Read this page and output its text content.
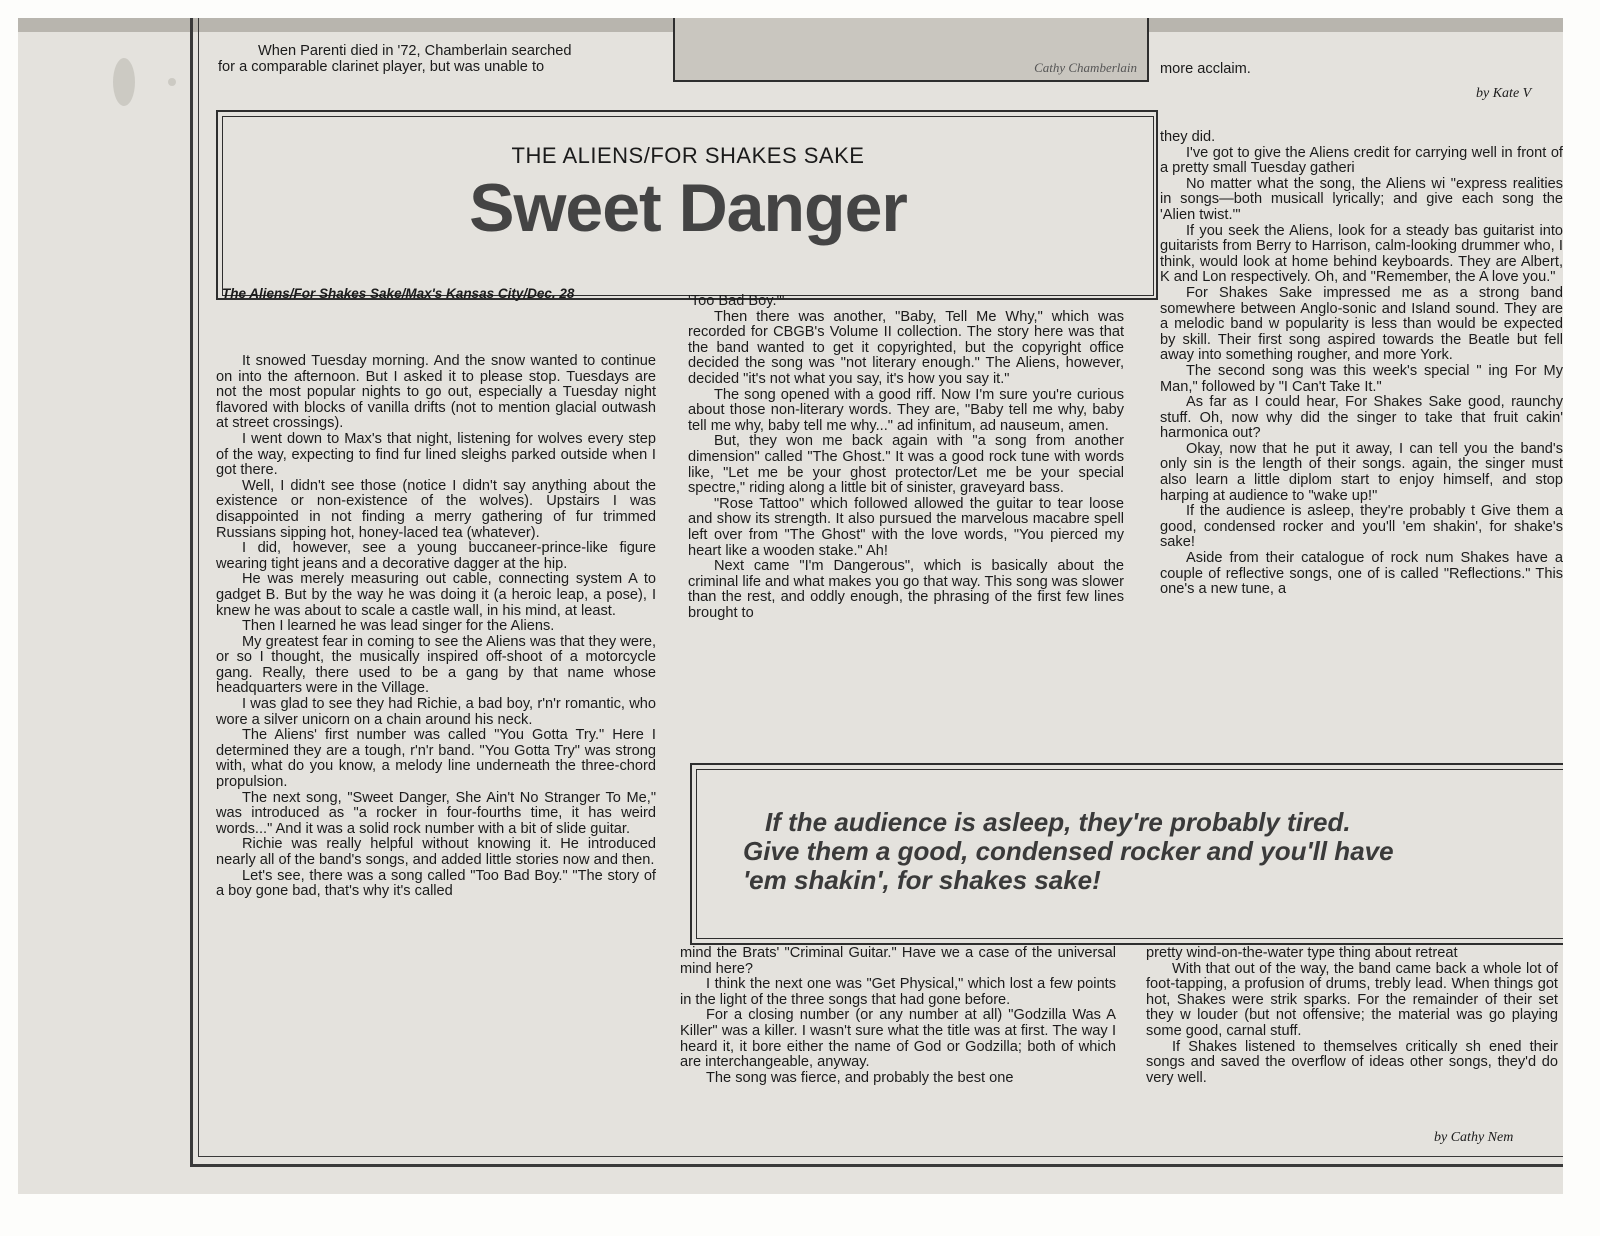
When Parenti died in '72, Chamberlain searched

for a comparable clarinet player, but was unable to	Cathy Chamberlain more acclaim.

by Kate V
THE ALIENS/FOR SHAKES SAKE
Sweet Danger
The Aliens/For Shakes Sake/Max's Kansas City/Dec. 28

It snowed Tuesday morning. And the snow wanted to continue on into the afternoon. But I asked it to please stop. Tuesdays are not the most popular nights to go out, especially a Tuesday night flavored with blocks of vanilla drifts (not to mention glacial outwash at street crossings).

I went down to Max's that night, listening for wolves every step of the way, expecting to find fur lined sleighs parked outside when I got there.

Well, I didn't see those (notice I didn't say anything about the existence or non-existence of the wolves). Upstairs I was disappointed in not finding a merry gathering of fur trimmed Russians sipping hot, honey-laced tea (whatever).

I did, however, see a young buccaneer-prince-like figure wearing tight jeans and a decorative dagger at the hip.

He was merely measuring out cable, connecting system A to gadget B. But by the way he was doing it (a heroic leap, a pose), I knew he was about to scale a castle wall, in his mind, at least.

Then I learned he was lead singer for the Aliens.

My greatest fear in coming to see the Aliens was that they were, or so I thought, the musically inspired off-shoot of a motorcycle gang. Really, there used to be a gang by that name whose headquarters were in the Village.

I was glad to see they had Richie, a bad boy, r'n'r romantic, who wore a silver unicorn on a chain around his neck.

The Aliens' first number was called "You Gotta Try." Here I determined they are a tough, r'n'r band. "You Gotta Try" was strong with, what do you know, a melody line underneath the three-chord propulsion.

The next song, "Sweet Danger, She Ain't No Stranger To Me," was introduced as "a rocker in four-fourths time, it has weird words..." And it was a solid rock number with a bit of slide guitar.

Richie was really helpful without knowing it. He introduced nearly all of the band's songs, and added little stories now and then.

Let's see, there was a song called "Too Bad Boy." "The story of a boy gone bad, that's why it's called

'Too Bad Boy.'"

Then there was another, "Baby, Tell Me Why," which was recorded for CBGB's Volume II collection. The story here was that the band wanted to get it copyrighted, but the copyright office decided the song was "not literary enough." The Aliens, however, decided "it's not what you say, it's how you say it."

The song opened with a good riff. Now I'm sure you're curious about those non-literary words. They are, "Baby tell me why, baby tell me why, baby tell me why..." ad infinitum, ad nauseum, amen.

But, they won me back again with "a song from another dimension" called "The Ghost." It was a good rock tune with words like, "Let me be your ghost protector/Let me be your special spectre," riding along a little bit of sinister, graveyard bass.

"Rose Tattoo" which followed allowed the guitar to tear loose and show its strength. It also pursued the marvelous macabre spell left over from "The Ghost" with the love words, "You pierced my heart like a wooden stake." Ah!

Next came "I'm Dangerous", which is basically about the criminal life and what makes you go that way. This song was slower than the rest, and oddly enough, the phrasing of the first few lines brought to

they did.

I've got to give the Aliens credit for carrying well in front of a pretty small Tuesday gatheri

No matter what the song, the Aliens wi "express realities in songs—both musicall lyrically; and give each song the 'Alien twist.'"

If you seek the Aliens, look for a steady bas guitarist into guitarists from Berry to Harrison, calm-looking drummer who, I think, would look at home behind keyboards. They are Albert, K and Lon respectively. Oh, and "Remember, the A love you."

For Shakes Sake impressed me as a strong band somewhere between Anglo-sonic and Island sound. They are a melodic band w popularity is less than would be expected by skill. Their first song aspired towards the Beatle but fell away into something rougher, and more York.

The second song was this week's special " ing For My Man," followed by "I Can't Take It."

As far as I could hear, For Shakes Sake good, raunchy stuff. Oh, now why did the singer to take that fruit cakin' harmonica out?

Okay, now that he put it away, I can tell you the band's only sin is the length of their songs. again, the singer must also learn a little diplom start to enjoy himself, and stop harping at audience to "wake up!"

If the audience is asleep, they're probably t Give them a good, condensed rocker and you'll 'em shakin', for shake's sake!

Aside from their catalogue of rock num Shakes have a couple of reflective songs, one of is called "Reflections." This one's a new tune, a

If the audience is asleep, they're probably tired.
Give them a good, condensed rocker and you'll have
'em shakin', for shakes sake!

mind the Brats' "Criminal Guitar." Have we a case of the universal mind here?

I think the next one was "Get Physical," which lost a few points in the light of the three songs that had gone before.

For a closing number (or any number at all) "Godzilla Was A Killer" was a killer. I wasn't sure what the title was at first. The way I heard it, it bore either the name of God or Godzilla; both of which are interchangeable, anyway.

The song was fierce, and probably the best one

pretty wind-on-the-water type thing about retreat

With that out of the way, the band came back a whole lot of foot-tapping, a profusion of drums, trebly lead. When things got hot, Shakes were strik sparks. For the remainder of their set they w louder (but not offensive; the material was go playing some good, carnal stuff.

If Shakes listened to themselves critically sh ened their songs and saved the overflow of ideas other songs, they'd do very well.

by Cathy Nem
